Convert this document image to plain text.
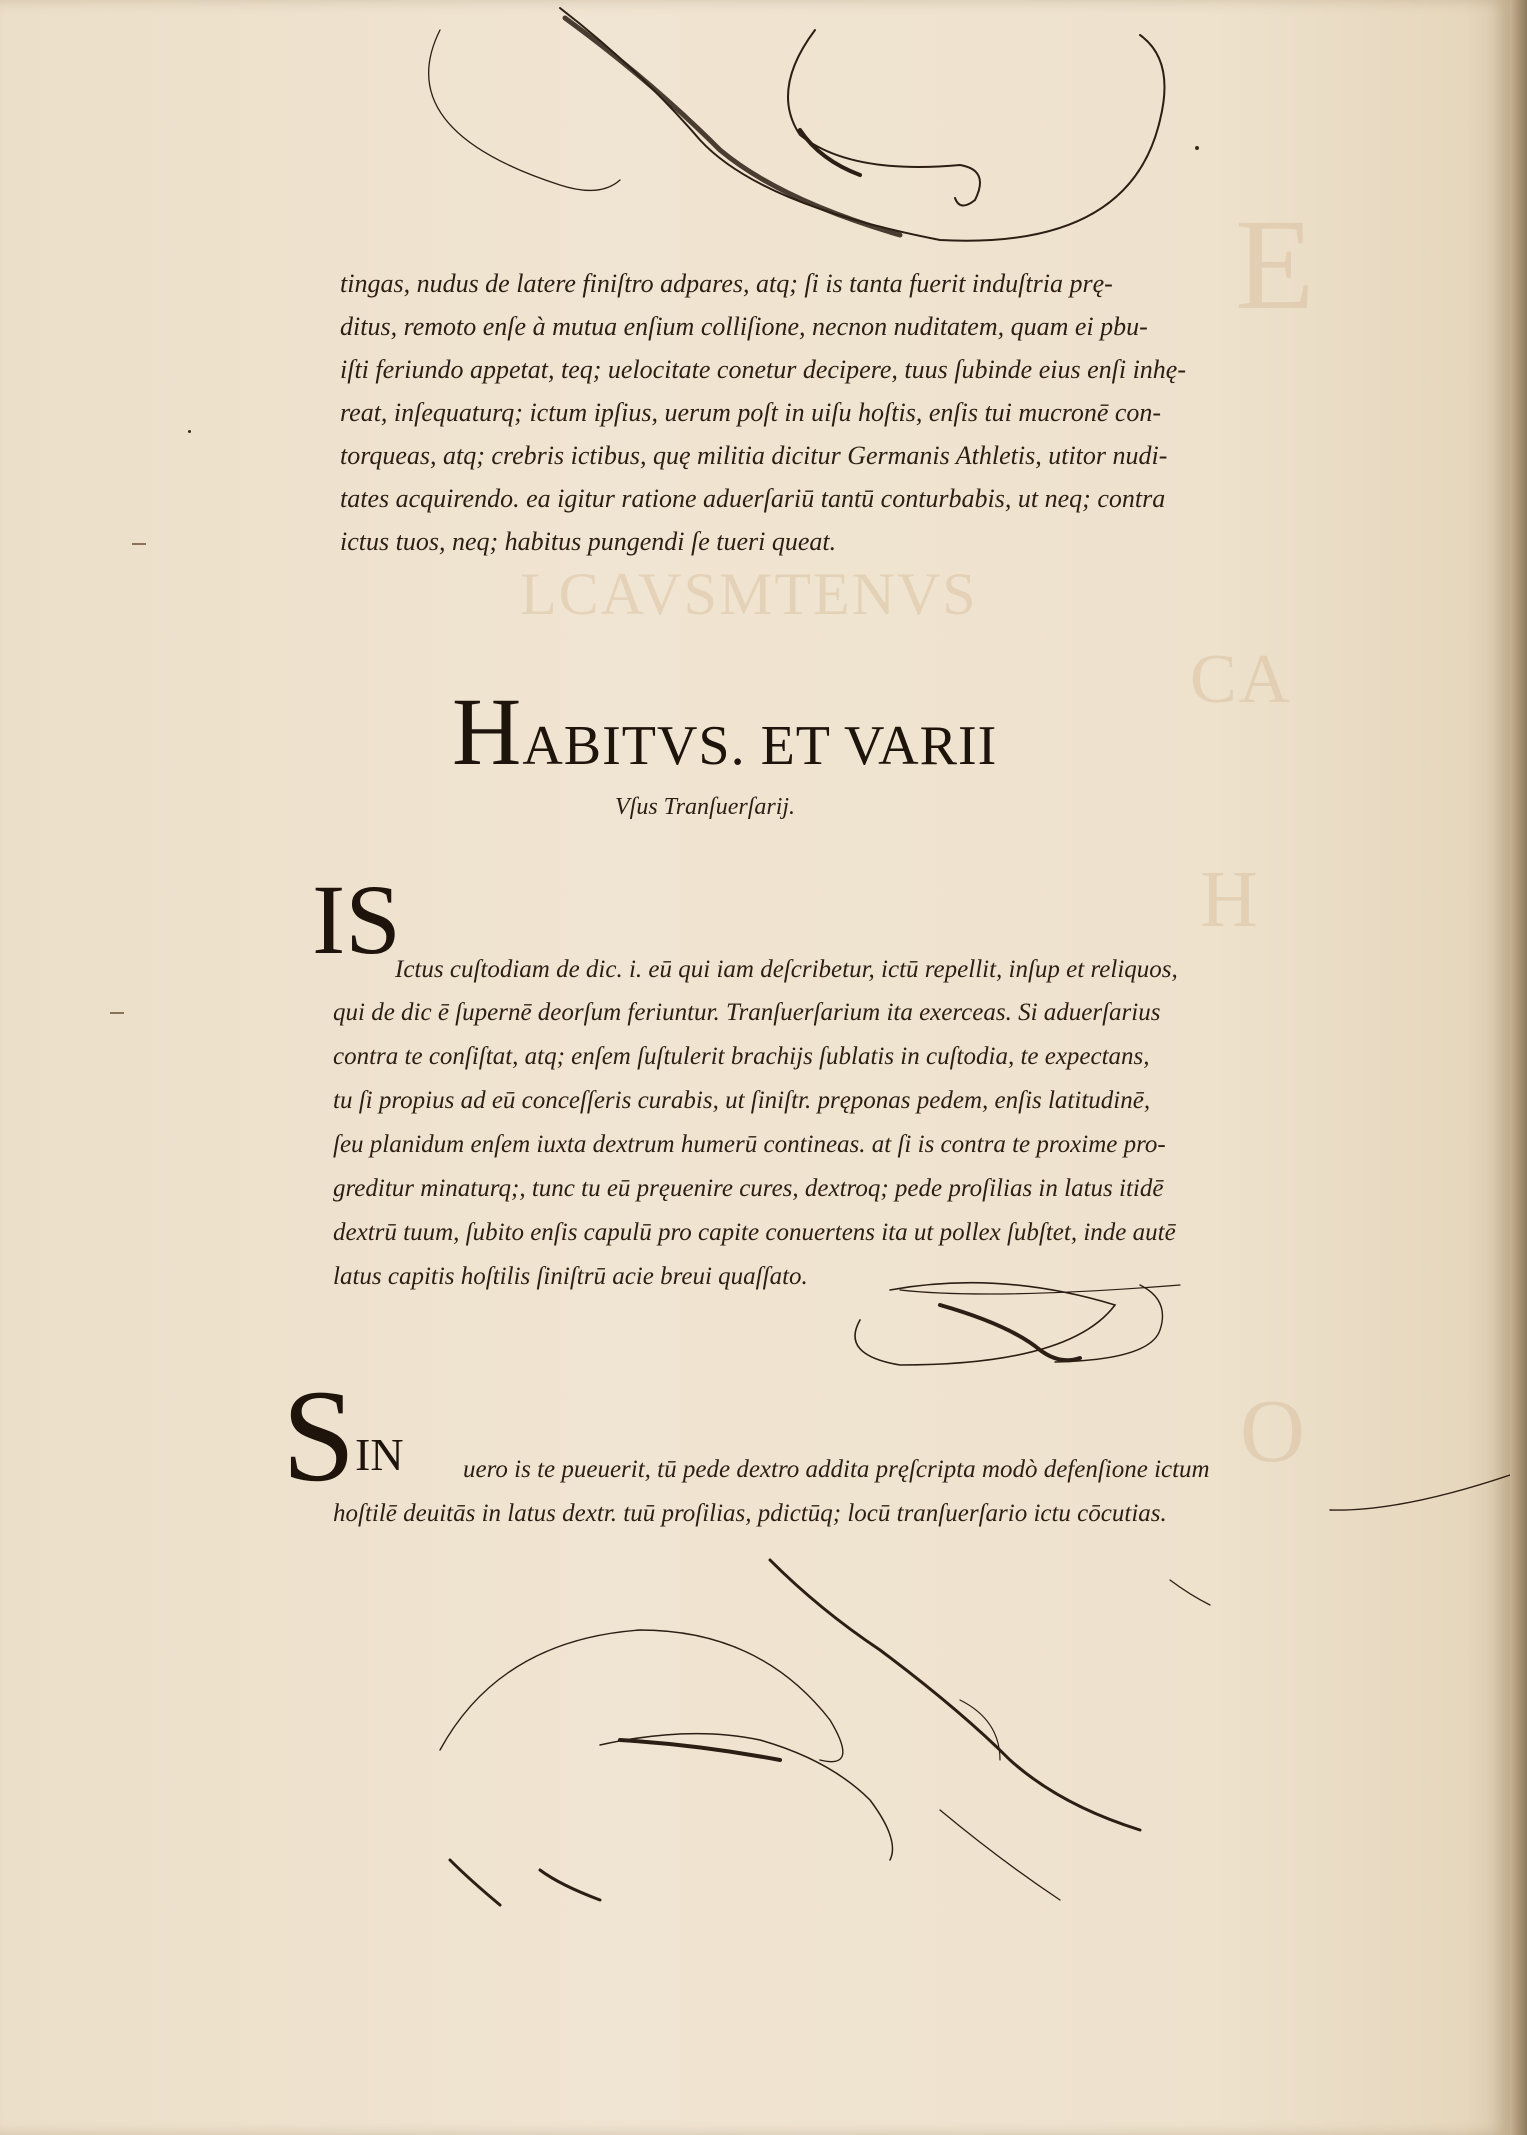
E
LCAVSMTENVS
CA
H
O
tingas, nudus de latere finiſtro adpares, atq; ſi is tanta fuerit induſtria prę-
ditus, remoto enſe à mutua enſium colliſione, necnon nuditatem, quam ei pbu-
iſti feriundo appetat, teq; uelocitate conetur decipere, tuus ſubinde eius enſi inhę-
reat, inſequaturq; ictum ipſius, uerum poſt in uiſu hoſtis, enſis tui mucronē con-
torqueas, atq; crebris ictibus, quę militia dicitur Germanis Athletis, utitor nudi-
tates acquirendo. ea igitur ratione aduerſariū tantū conturbabis, ut neq; contra
ictus tuos, neq; habitus pungendi ſe tueri queat.
HABITVS. ET VARII
Vſus Tranſuerſarij.
IS
Ictus cuſtodiam de dic. i. eū qui iam deſcribetur, ictū repellit, inſup et reliquos,
qui de dic ē ſupernē deorſum feriuntur. Tranſuerſarium ita exerceas. Si aduerſarius
contra te conſiſtat, atq; enſem ſuſtulerit brachijs ſublatis in cuſtodia, te expectans,
tu ſi propius ad eū conceſſeris curabis, ut ſiniſtr. pręponas pedem, enſis latitudinē,
ſeu planidum enſem iuxta dextrum humerū contineas. at ſi is contra te proxime pro-
greditur minaturq;, tunc tu eū pręuenire cures, dextroq; pede proſilias in latus itidē
dextrū tuum, ſubito enſis capulū pro capite conuertens ita ut pollex ſubſtet, inde autē
latus capitis hoſtilis ſiniſtrū acie breui quaſſato.
S IN uero is te pueuerit, tū pede dextro addita pręſcripta modò defenſione ictum
hoſtilē deuitās in latus dextr. tuū proſilias, pdictūq; locū tranſuerſario ictu cōcutias.
